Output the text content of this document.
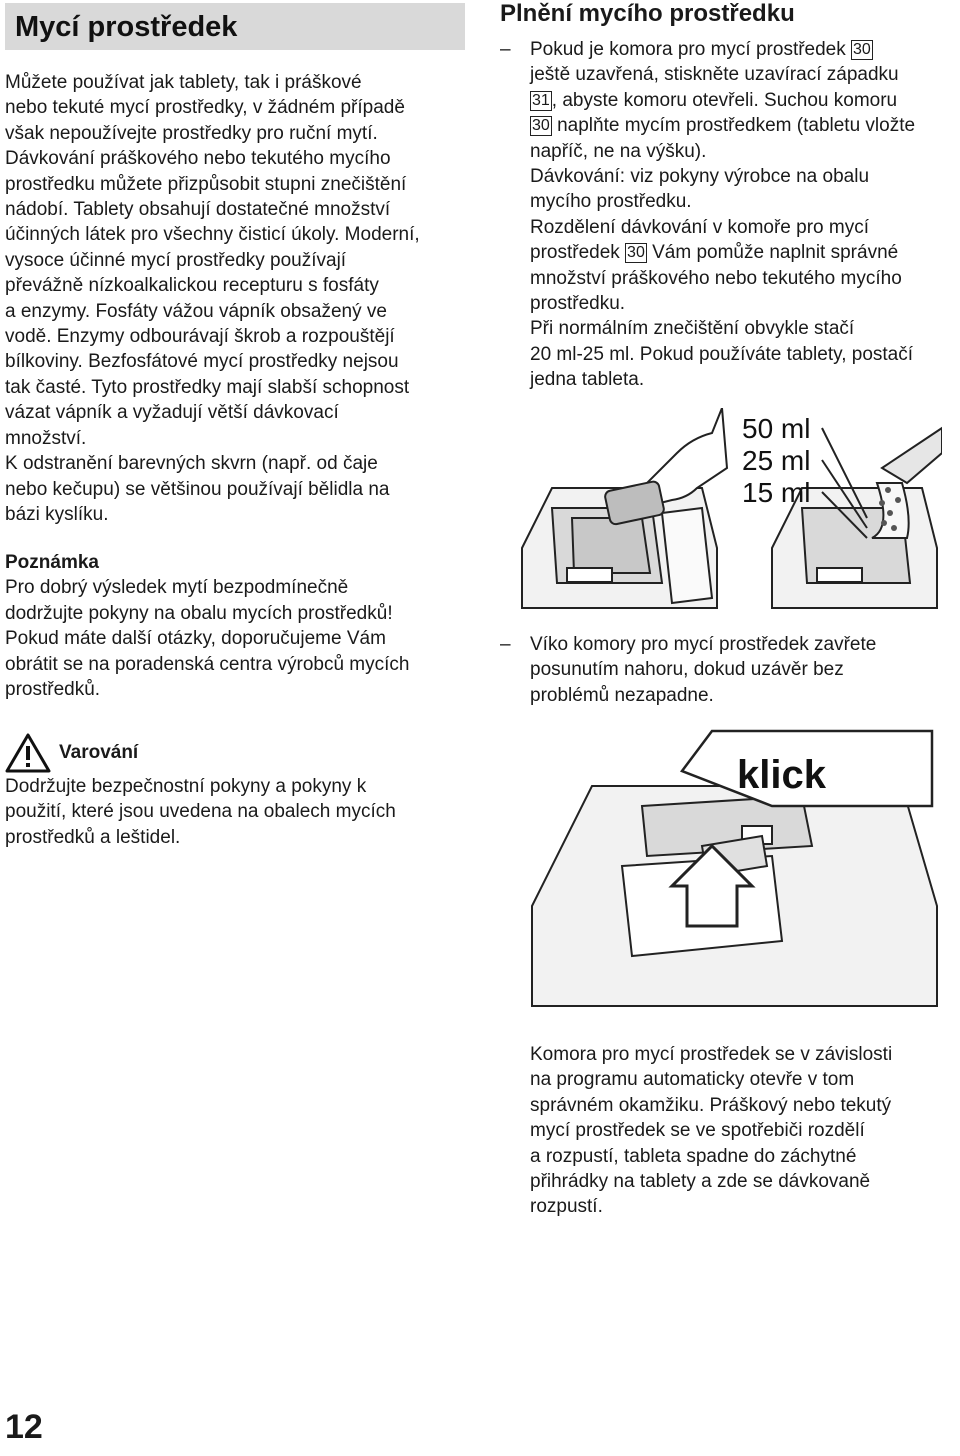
Mycí prostředek

Můžete používat jak tablety, tak i práškové

nebo tekuté mycí prostředky, v žádném případě

však nepoužívejte prostředky pro ruční mytí.

Dávkování práškového nebo tekutého mycího

prostředku můžete přizpůsobit stupni znečištění

nádobí. Tablety obsahují dostatečné množství

účinných látek pro všechny čisticí úkoly. Moderní,

vysoce účinné mycí prostředky používají

převážně nízkoalkalickou recepturu s fosfáty

a enzymy. Fosfáty vážou vápník obsažený ve

vodě. Enzymy odbourávají škrob a rozpouštějí

bílkoviny. Bezfosfátové mycí prostředky nejsou

tak časté. Tyto prostředky mají slabší schopnost

vázat vápník a vyžadují větší dávkovací

množství.

K odstranění barevných skvrn (např. od čaje

nebo kečupu) se většinou používají bělidla na

bázi kyslíku.

Poznámka

Pro dobrý výsledek mytí bezpodmínečně

dodržujte pokyny na obalu mycích prostředků!

Pokud máte další otázky, doporučujeme Vám

obrátit se na poradenská centra výrobců mycích

prostředků.

Varování

Dodržujte bezpečnostní pokyny a pokyny k

použití, které jsou uvedena na obalech mycích

prostředků a leštidel.

Plnění mycího prostředku
– Pokud je komora pro mycí prostředek 30

ještě uzavřená, stiskněte uzavírací západku

31 , abyste komoru otevřeli. Suchou komoru

30 naplňte mycím prostředkem (tabletu vložte

napříč, ne na výšku).

Dávkování: viz pokyny výrobce na obalu

mycího prostředku.

Rozdělení dávkování v komoře pro mycí

prostředek 30 Vám pomůže naplnit správné

množství práškového nebo tekutého mycího

prostředku.

Při normálním znečištění obvykle stačí

20 ml-25 ml. Pokud používáte tablety, postačí

jedna tableta.

50 ml
25 ml
15 ml
– Víko komory pro mycí prostředek zavřete

posunutím nahoru, dokud uzávěr bez

problémů nezapadne.

klick

Komora pro mycí prostředek se v závislosti

na programu automaticky otevře v tom

správném okamžiku. Práškový nebo tekutý

mycí prostředek se ve spotřebiči rozdělí

a rozpustí, tableta spadne do záchytné

přihrádky na tablety a zde se dávkovaně

rozpustí.

12
